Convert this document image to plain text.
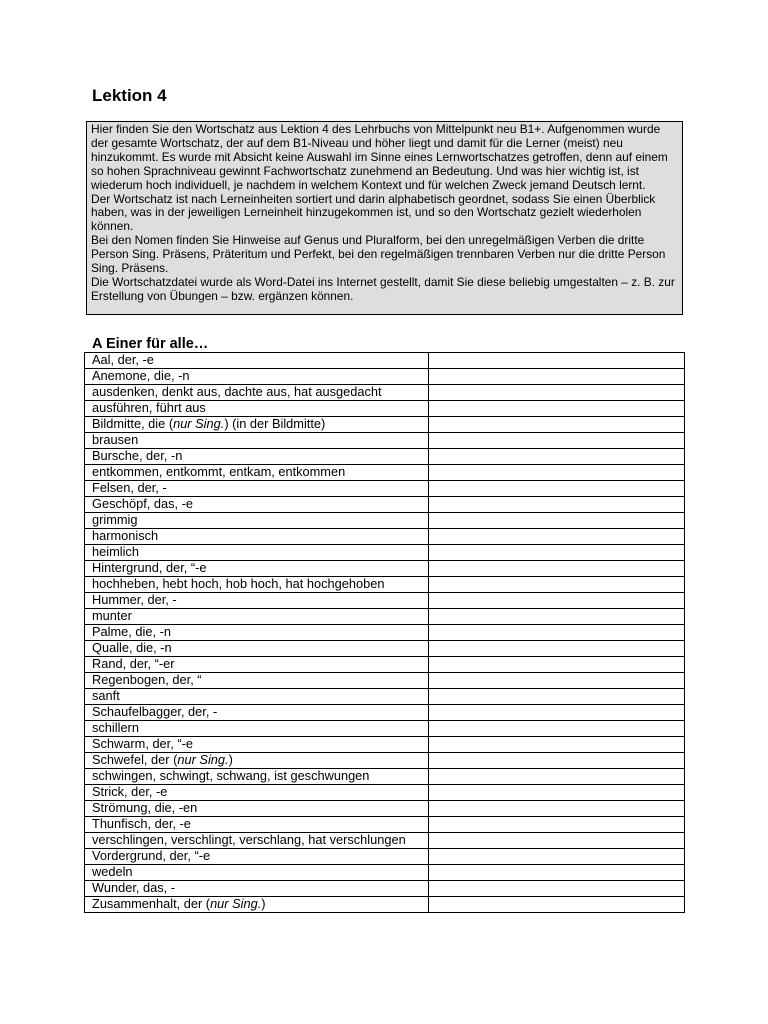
Lektion 4

Hier finden Sie den Wortschatz aus Lektion 4 des Lehrbuchs von Mittelpunkt neu B1+. Aufgenommen wurde der gesamte Wortschatz, der auf dem B1-Niveau und höher liegt und damit für die Lerner (meist) neu hinzukommt. Es wurde mit Absicht keine Auswahl im Sinne eines Lernwortschatzes getroffen, denn auf einem so hohen Sprachniveau gewinnt Fachwortschatz zunehmend an Bedeutung. Und was hier wichtig ist, ist wiederum hoch individuell, je nachdem in welchem Kontext und für welchen Zweck jemand Deutsch lernt.

Der Wortschatz ist nach Lerneinheiten sortiert und darin alphabetisch geordnet, sodass Sie einen Überblick haben, was in der jeweiligen Lerneinheit hinzugekommen ist, und so den Wortschatz gezielt wiederholen können.

Bei den Nomen finden Sie Hinweise auf Genus und Pluralform, bei den unregelmäßigen Verben die dritte Person Sing. Präsens, Präteritum und Perfekt, bei den regelmäßigen trennbaren Verben nur die dritte Person Sing. Präsens.

Die Wortschatzdatei wurde als Word-Datei ins Internet gestellt, damit Sie diese beliebig umgestalten – z. B. zur Erstellung von Übungen – bzw. ergänzen können.

A Einer für alle…
Aal, der, -e	
Anemone, die, -n	
ausdenken, denkt aus, dachte aus, hat ausgedacht	
ausführen, führt aus	
Bildmitte, die (nur Sing.) (in der Bildmitte)	
brausen	
Bursche, der, -n	
entkommen, entkommt, entkam, entkommen	
Felsen, der, -	
Geschöpf, das, -e	
grimmig	
harmonisch	
heimlich	
Hintergrund, der, “-e	
hochheben, hebt hoch, hob hoch, hat hochgehoben	
Hummer, der, -	
munter	
Palme, die, -n	
Qualle, die, -n	
Rand, der, “-er	
Regenbogen, der, “	
sanft	
Schaufelbagger, der, -	
schillern	
Schwarm, der, “-e	
Schwefel, der (nur Sing.)	
schwingen, schwingt, schwang, ist geschwungen	
Strick, der, -e	
Strömung, die, -en	
Thunfisch, der, -e	
verschlingen, verschlingt, verschlang, hat verschlungen	
Vordergrund, der, “-e	
wedeln	
Wunder, das, -	
Zusammenhalt, der (nur Sing.)	
